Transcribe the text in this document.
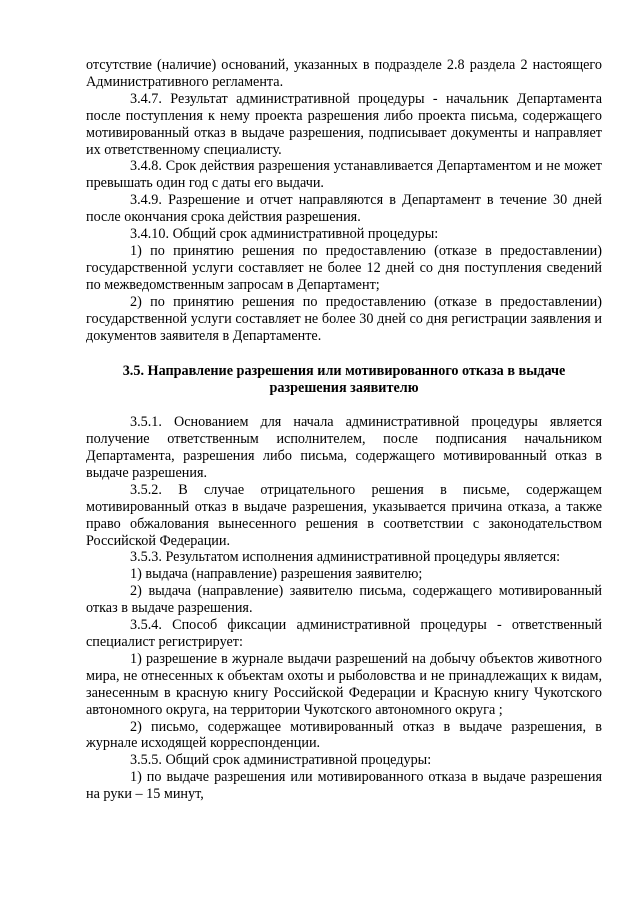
отсутствие (наличие) оснований, указанных в подразделе 2.8 раздела 2 настоящего Административного регламента.

3.4.7. Результат административной процедуры - начальник Департамента после поступления к нему проекта разрешения либо проекта письма, содержащего мотивированный отказ в выдаче разрешения, подписывает документы и направляет их ответственному специалисту.

3.4.8. Срок действия разрешения устанавливается Департаментом и не может превышать один год с даты его выдачи.

3.4.9. Разрешение и отчет направляются в Департамент в течение 30 дней после окончания срока действия разрешения.

3.4.10. Общий срок административной процедуры:

1) по принятию решения по предоставлению (отказе в предоставлении) государственной услуги составляет не более 12 дней со дня поступления сведений по межведомственным запросам в Департамент;

2) по принятию решения по предоставлению (отказе в предоставлении) государственной услуги составляет не более 30 дней со дня регистрации заявления и документов заявителя в Департаменте.

3.5. Направление разрешения или мотивированного отказа в выдаче разрешения заявителю

3.5.1. Основанием для начала административной процедуры является получение ответственным исполнителем, после подписания начальником Департамента, разрешения либо письма, содержащего мотивированный отказ в выдаче разрешения.

3.5.2. В случае отрицательного решения в письме, содержащем мотивированный отказ в выдаче разрешения, указывается причина отказа, а также право обжалования вынесенного решения в соответствии с законодательством Российской Федерации.

3.5.3. Результатом исполнения административной процедуры является:

1) выдача (направление) разрешения заявителю;

2) выдача (направление) заявителю письма, содержащего мотивированный отказ в выдаче разрешения.

3.5.4. Способ фиксации административной процедуры - ответственный специалист регистрирует:

1) разрешение в журнале выдачи разрешений на добычу объектов животного мира, не отнесенных к объектам охоты и рыболовства и не принадлежащих к видам, занесенным в красную книгу Российской Федерации и Красную книгу Чукотского автономного округа, на территории Чукотского автономного округа ;

2) письмо, содержащее мотивированный отказ в выдаче разрешения, в журнале исходящей корреспонденции.

3.5.5. Общий срок административной процедуры:

1) по выдаче разрешения или мотивированного отказа в выдаче разрешения на руки – 15 минут,
